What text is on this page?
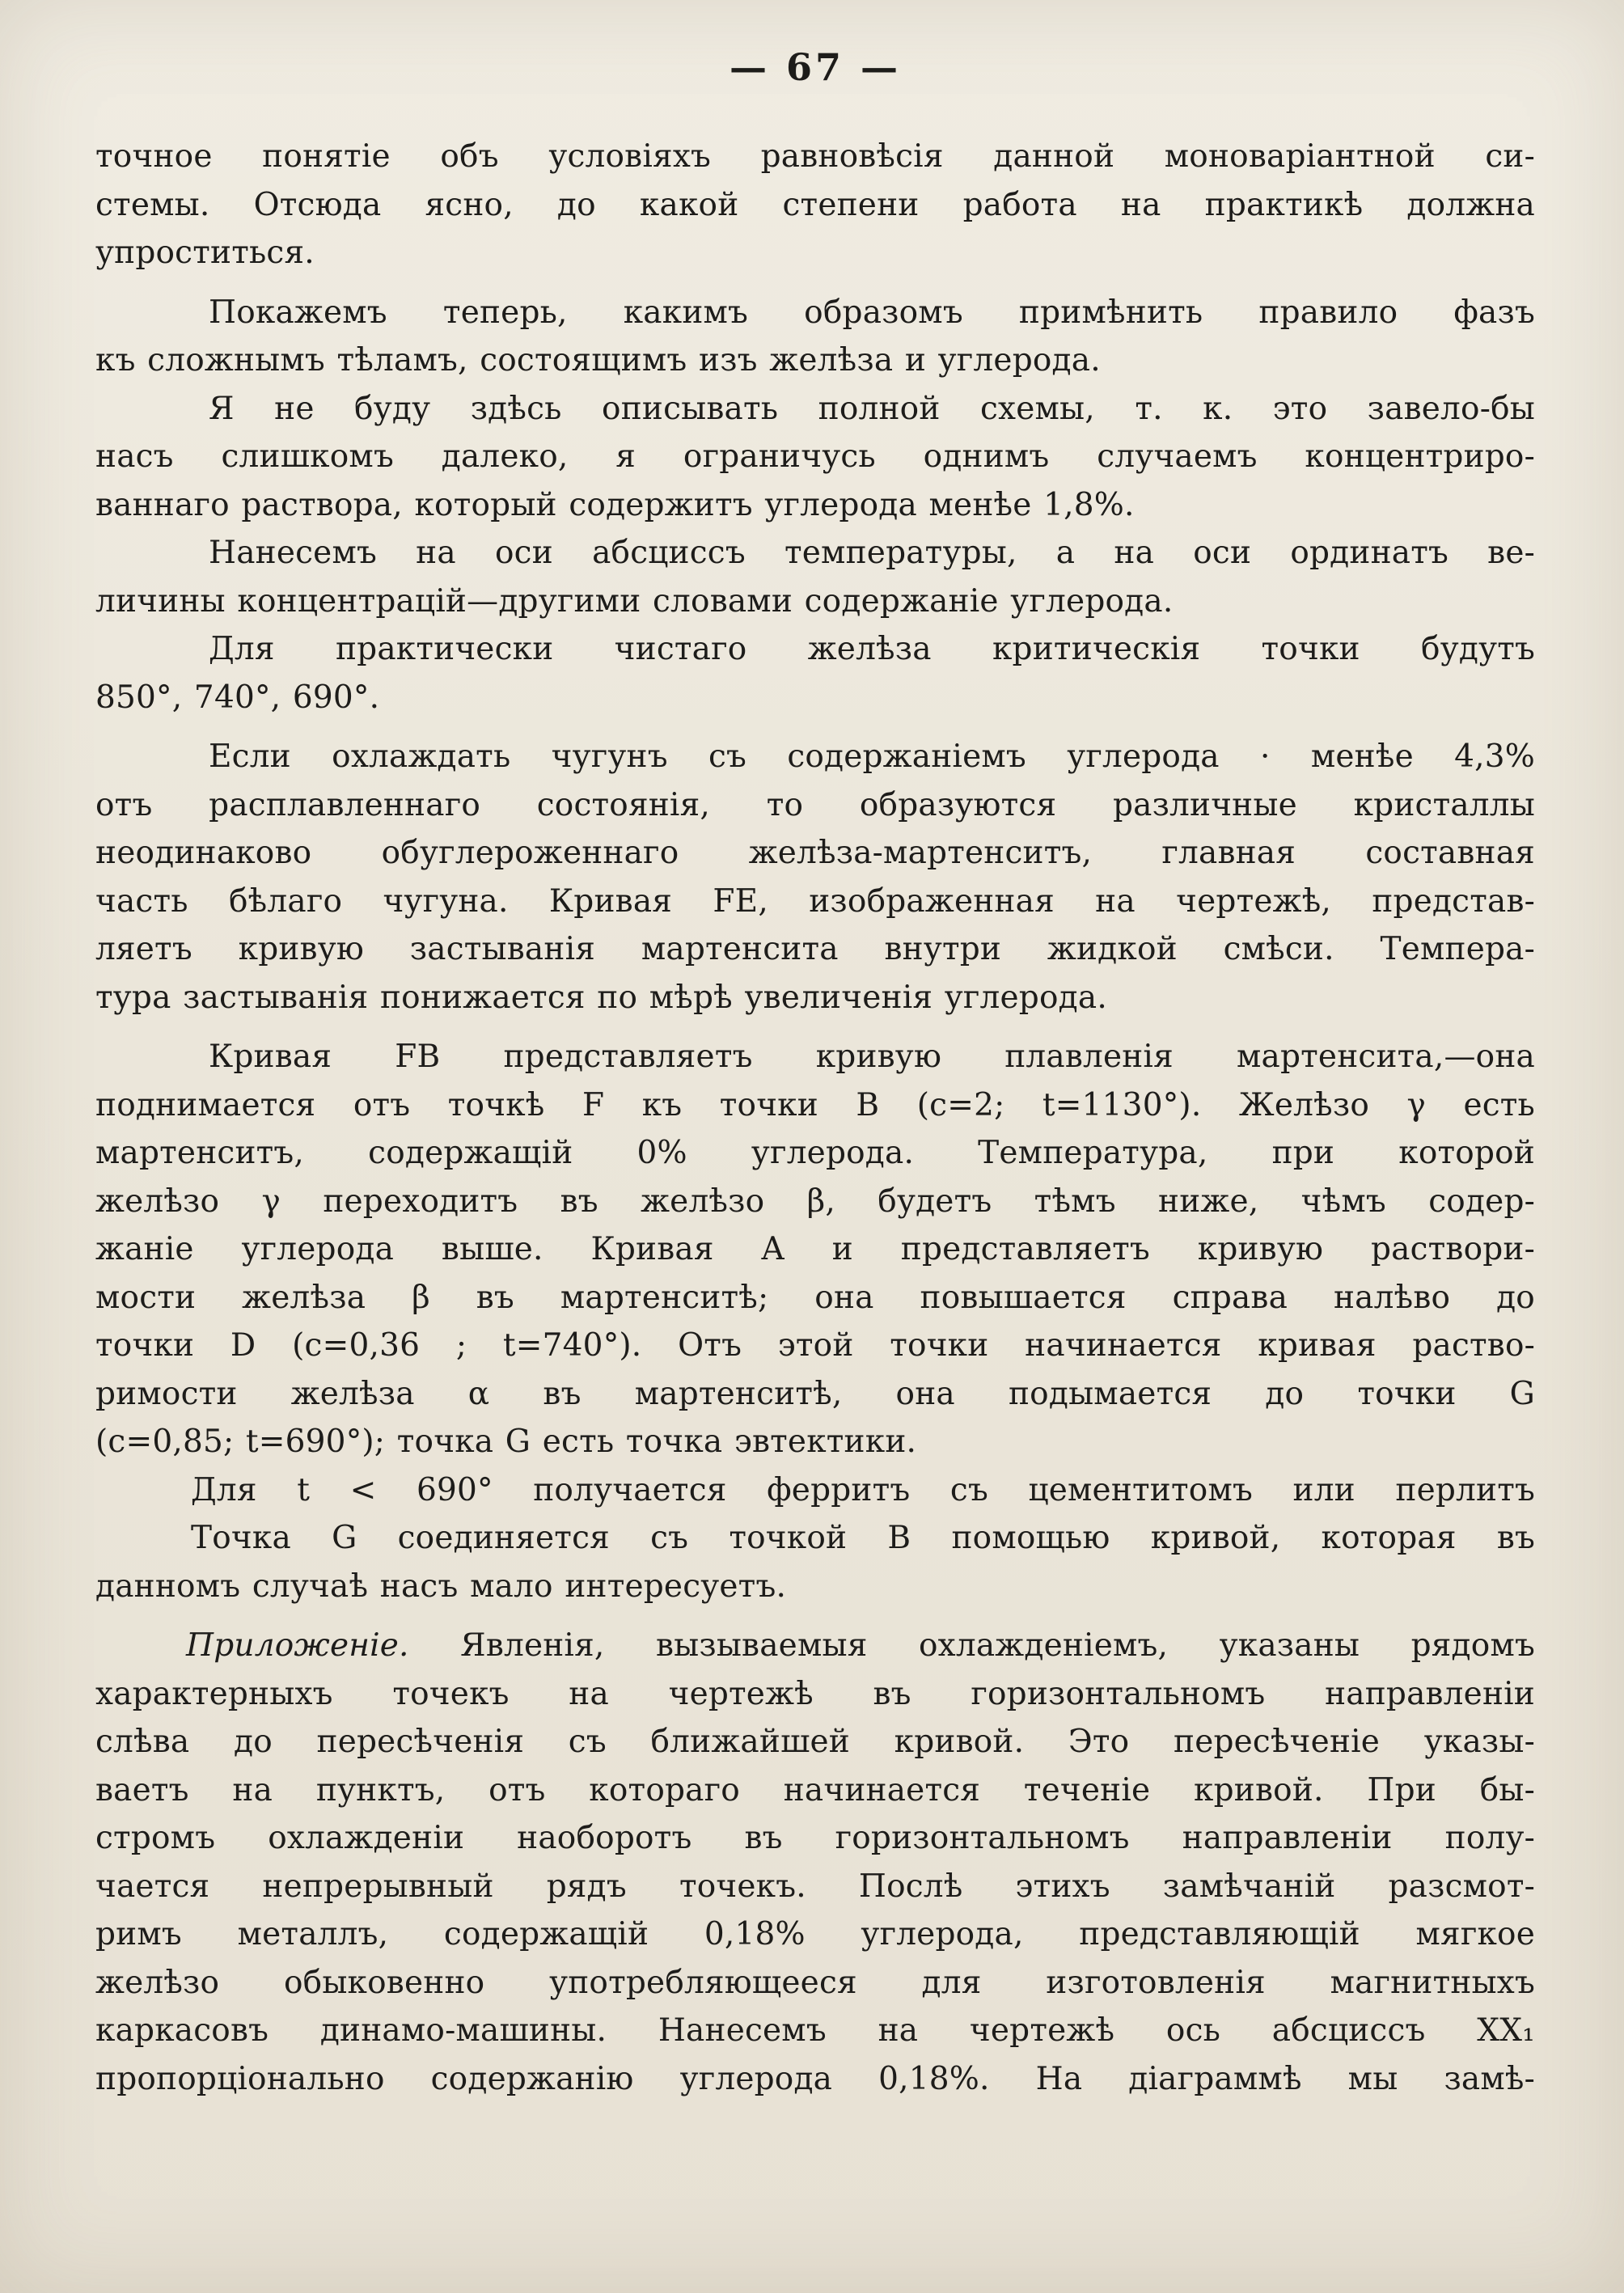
— 67 —

точное понятіе объ условіяхъ равновѣсія данной моноваріантной си-
стемы. Отсюда ясно, до какой степени работа на практикѣ должна
упроститься.

Покажемъ теперь, какимъ образомъ примѣнить правило фазъ
къ сложнымъ тѣламъ, состоящимъ изъ желѣза и углерода.

Я не буду здѣсь описывать полной схемы, т. к. это завело-бы
насъ слишкомъ далеко, я ограничусь однимъ случаемъ концентриро-
ваннаго раствора, который содержитъ углерода менѣе 1,8%.

Нанесемъ на оси абсциссъ температуры, а на оси ординатъ ве-
личины концентрацій—другими словами содержаніе углерода.

Для практически чистаго желѣза критическія точки будутъ
850°, 740°, 690°.

Если охлаждать чугунъ съ содержаніемъ углерода · менѣе 4,3%
отъ расплавленнаго состоянія, то образуются различные кристаллы
неодинаково обуглероженнаго желѣза-мартенситъ, главная составная
часть бѣлаго чугуна. Кривая FE, изображенная на чертежѣ, представ-
ляетъ кривую застыванія мартенсита внутри жидкой смѣси. Темпера-
тура застыванія понижается по мѣрѣ увеличенія углерода.

Кривая FB представляетъ кривую плавленія мартенсита,—она
поднимается отъ точкѣ F къ точки B (c=2; t=1130°). Желѣзо γ есть
мартенситъ, содержащій 0% углерода. Температура, при которой
желѣзо γ переходитъ въ желѣзо β, будетъ тѣмъ ниже, чѣмъ содер-
жаніе углерода выше. Кривая A и представляетъ кривую раствори-
мости желѣза β въ мартенситѣ; она повышается справа налѣво до
точки D (c=0,36 ; t=740°). Отъ этой точки начинается кривая раство-
римости желѣза α въ мартенситѣ, она подымается до точки G
(c=0,85; t=690°); точка G есть точка эвтектики.

Для t < 690° получается ферритъ съ цементитомъ или перлитъ

Точка G соединяется съ точкой B помощью кривой, которая въ
данномъ случаѣ насъ мало интересуетъ.

Приложеніе. Явленія, вызываемыя охлажденіемъ, указаны рядомъ
характерныхъ точекъ на чертежѣ въ горизонтальномъ направленіи
слѣва до пересѣченія съ ближайшей кривой. Это пересѣченіе указы-
ваетъ на пунктъ, отъ котораго начинается теченіе кривой. При бы-
стромъ охлажденіи наоборотъ въ горизонтальномъ направленіи полу-
чается непрерывный рядъ точекъ. Послѣ этихъ замѣчаній разсмот-
римъ металлъ, содержащій 0,18% углерода, представляющій мягкое
желѣзо обыковенно употребляющееся для изготовленія магнитныхъ
каркасовъ динамо-машины. Нанесемъ на чертежѣ ось абсциссъ XX₁
пропорціонально содержанію углерода 0,18%. На діаграммѣ мы замѣ-
